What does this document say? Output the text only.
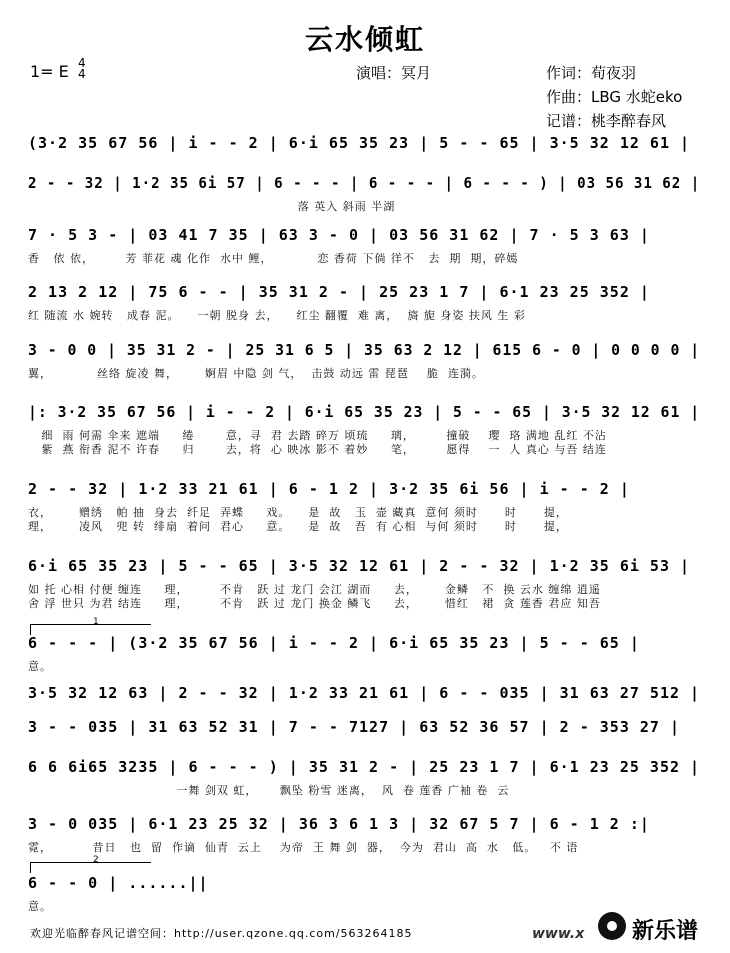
云水倾虹
1= E 4
4	演唱：冥月	作词：荀夜羽
作曲：LBG 水蛇eko
记谱：桃李醉春风
(3·2 35 67 56 | i - - 2 | 6·i 65 35 23 | 5 - - 65 | 3·5 32 12 61 |
2 - - 32 | 1·2 35 6i 57 | 6 - - - | 6 - - - | 6 - - - ) | 03 56 31 62 |
落 英入 斜雨 半湖
7 · 5 3 - | 03 41 7 35 | 63 3 - 0 | 03 56 31 62 | 7 · 5 3 63 |
香   依 依，       芳 菲花 魂 化作  水中 鲤，          恋 香荷 下倘 徉不   去  期  期，碎嫣
2 13 2 12 | 75 6 - - | 35 31 2 - | 25 23 1 7 | 6·1 23 25 352 |
红 随流 水 婉转   成春 泥。    一朝 脱身 去，    红尘 翻覆  难 离，  旖 旎 身姿 扶风 生 彩
3 - 0 0 | 35 31 2 - | 25 31 6 5 | 35 63 2 12 | 615 6 - 0 | 0 0 0 0 |
翼，          丝络 旋凌 舞，      婀眉 中隐 剑 气，  击鼓 动远 雷 琵琶    脆  连漪。
|: 3·2 35 67 56 | i - - 2 | 6·i 65 35 23 | 5 - - 65 | 3·5 32 12 61 |
细  雨 何需 伞来 遮端     绻       意，寻  君 去踏 碎万 顷琉     璃，       撞破    璎  珞 满地 乱红 不沾
紫  燕 衔香 泥不 许春     归       去，将  心 映冰 影不 着妙     笔，       愿得    一  人 真心 与吾 结连
2 - - 32 | 1·2 33 21 61 | 6 - 1 2 | 3·2 35 6i 56 | i - - 2 |
衣，      赠绣   帕 抽  身去  纤足  弄蝶     戏。    是  故   玉  壶 藏真  意何 须时      时      提，
理，      凌风   兜 转  绯扇  着问  君心     意。    是  故   吾  有 心相  与何 须时      时      提，
6·i 65 35 23 | 5 - - 65 | 3·5 32 12 61 | 2 - - 32 | 1·2 35 6i 53 |
如 托 心相 付便 缠连     理，       不肯   跃 过 龙门 会江 湖而     去，      金鳞   不  换 云水 缠绵 逍遥
舍 浮 世只 为君 结连     理，       不肯   跃 过 龙门 换金 鳞飞     去，      惜红   裙  贪 莲香 君应 知吾
1
6 - - - | (3·2 35 67 56 | i - - 2 | 6·i 65 35 23 | 5 - - 65 |
意。
3·5 32 12 63 | 2 - - 32 | 1·2 33 21 61 | 6 - - 035 | 31 63 27 512 |
3 - - 035 | 31 63 52 31 | 7 - - 7127 | 63 52 36 57 | 2 - 353 27 |
6 6 6i65 3235 | 6 - - - ) | 35 31 2 - | 25 23 1 7 | 6·1 23 25 352 |
一舞 剑双 虹，     飘坠 粉雪 迷离，  风  卷 莲香 广袖 卷  云
3 - 0 035 | 6·1 23 25 32 | 36 3 6 1 3 | 32 67 5 7 | 6 - 1 2 :|
霓，         昔日   也  留  作谪  仙青  云上    为帝  王 舞 剑  器，  今为  君山  高  水   低。   不 语
2
6 - - 0 | ......||
意。
欢迎光临醉春风记谱空间：http://user.qzone.qq.com/563264185	www.x 新乐谱
